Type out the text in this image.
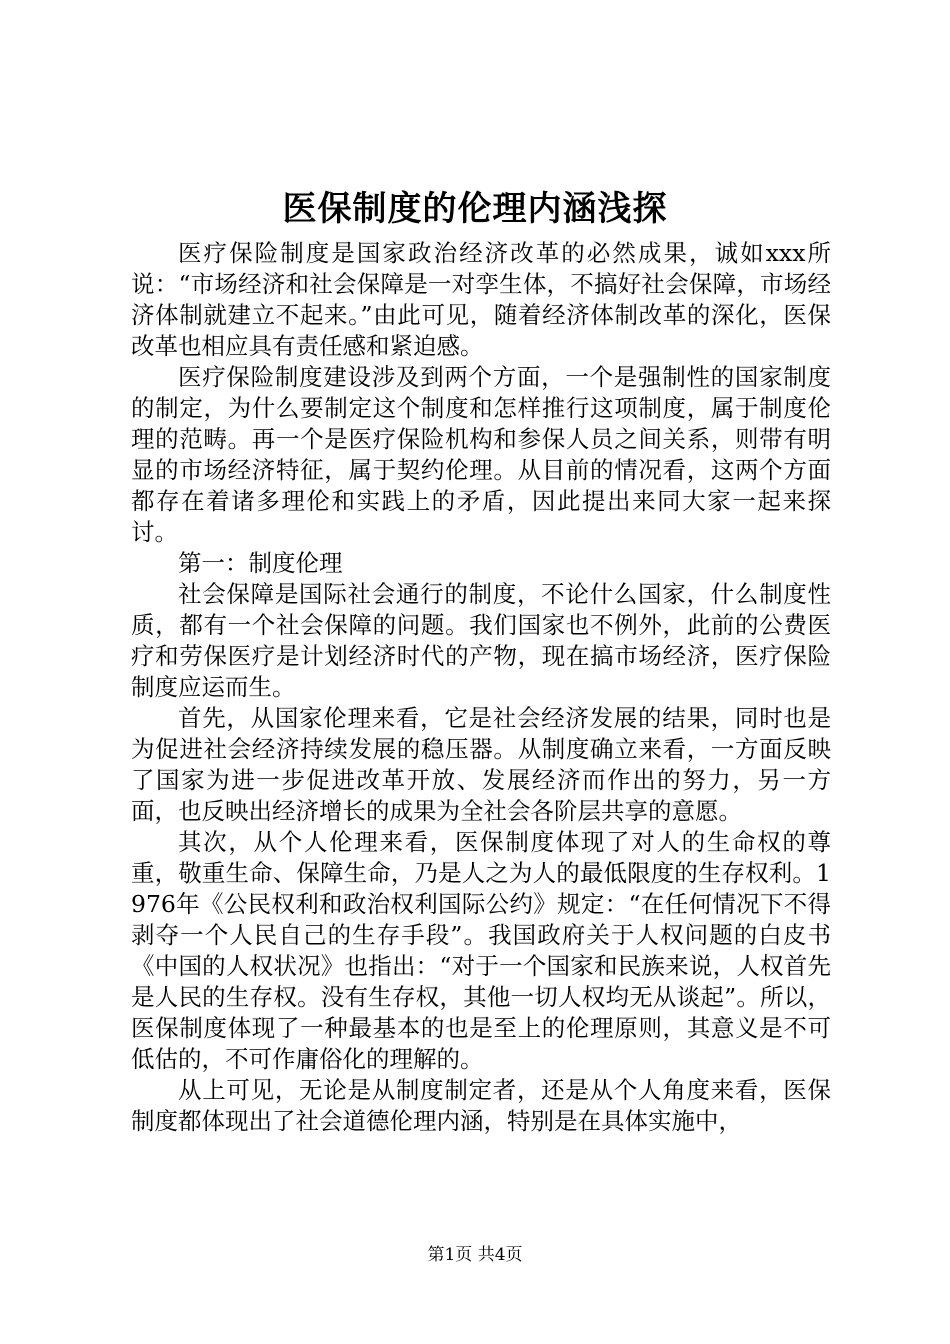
医保制度的伦理内涵浅探

医疗保险制度是国家政治经济改革的必然成果，诚如xxx所说：“市场经济和社会保障是一对孪生体，不搞好社会保障，市场经济体制就建立不起来。”由此可见，随着经济体制改革的深化，医保改革也相应具有责任感和紧迫感。

医疗保险制度建设涉及到两个方面，一个是强制性的国家制度的制定，为什么要制定这个制度和怎样推行这项制度，属于制度伦理的范畴。再一个是医疗保险机构和参保人员之间关系，则带有明显的市场经济特征，属于契约伦理。从目前的情况看，这两个方面都存在着诸多理伦和实践上的矛盾，因此提出来同大家一起来探讨。

第一：制度伦理

社会保障是国际社会通行的制度，不论什么国家，什么制度性质，都有一个社会保障的问题。我们国家也不例外，此前的公费医疗和劳保医疗是计划经济时代的产物，现在搞市场经济，医疗保险制度应运而生。

首先，从国家伦理来看，它是社会经济发展的结果，同时也是为促进社会经济持续发展的稳压器。从制度确立来看，一方面反映了国家为进一步促进改革开放、发展经济而作出的努力，另一方面，也反映出经济增长的成果为全社会各阶层共享的意愿。

其次，从个人伦理来看，医保制度体现了对人的生命权的尊重，敬重生命、保障生命，乃是人之为人的最低限度的生存权利。1976年《公民权利和政治权利国际公约》规定：“在任何情况下不得剥夺一个人民自己的生存手段”。我国政府关于人权问题的白皮书《中国的人权状况》也指出：“对于一个国家和民族来说，人权首先是人民的生存权。没有生存权，其他一切人权均无从谈起”。所以，医保制度体现了一种最基本的也是至上的伦理原则，其意义是不可低估的，不可作庸俗化的理解的。

从上可见，无论是从制度制定者，还是从个人角度来看，医保制度都体现出了社会道德伦理内涵，特别是在具体实施中，

第1页 共4页
